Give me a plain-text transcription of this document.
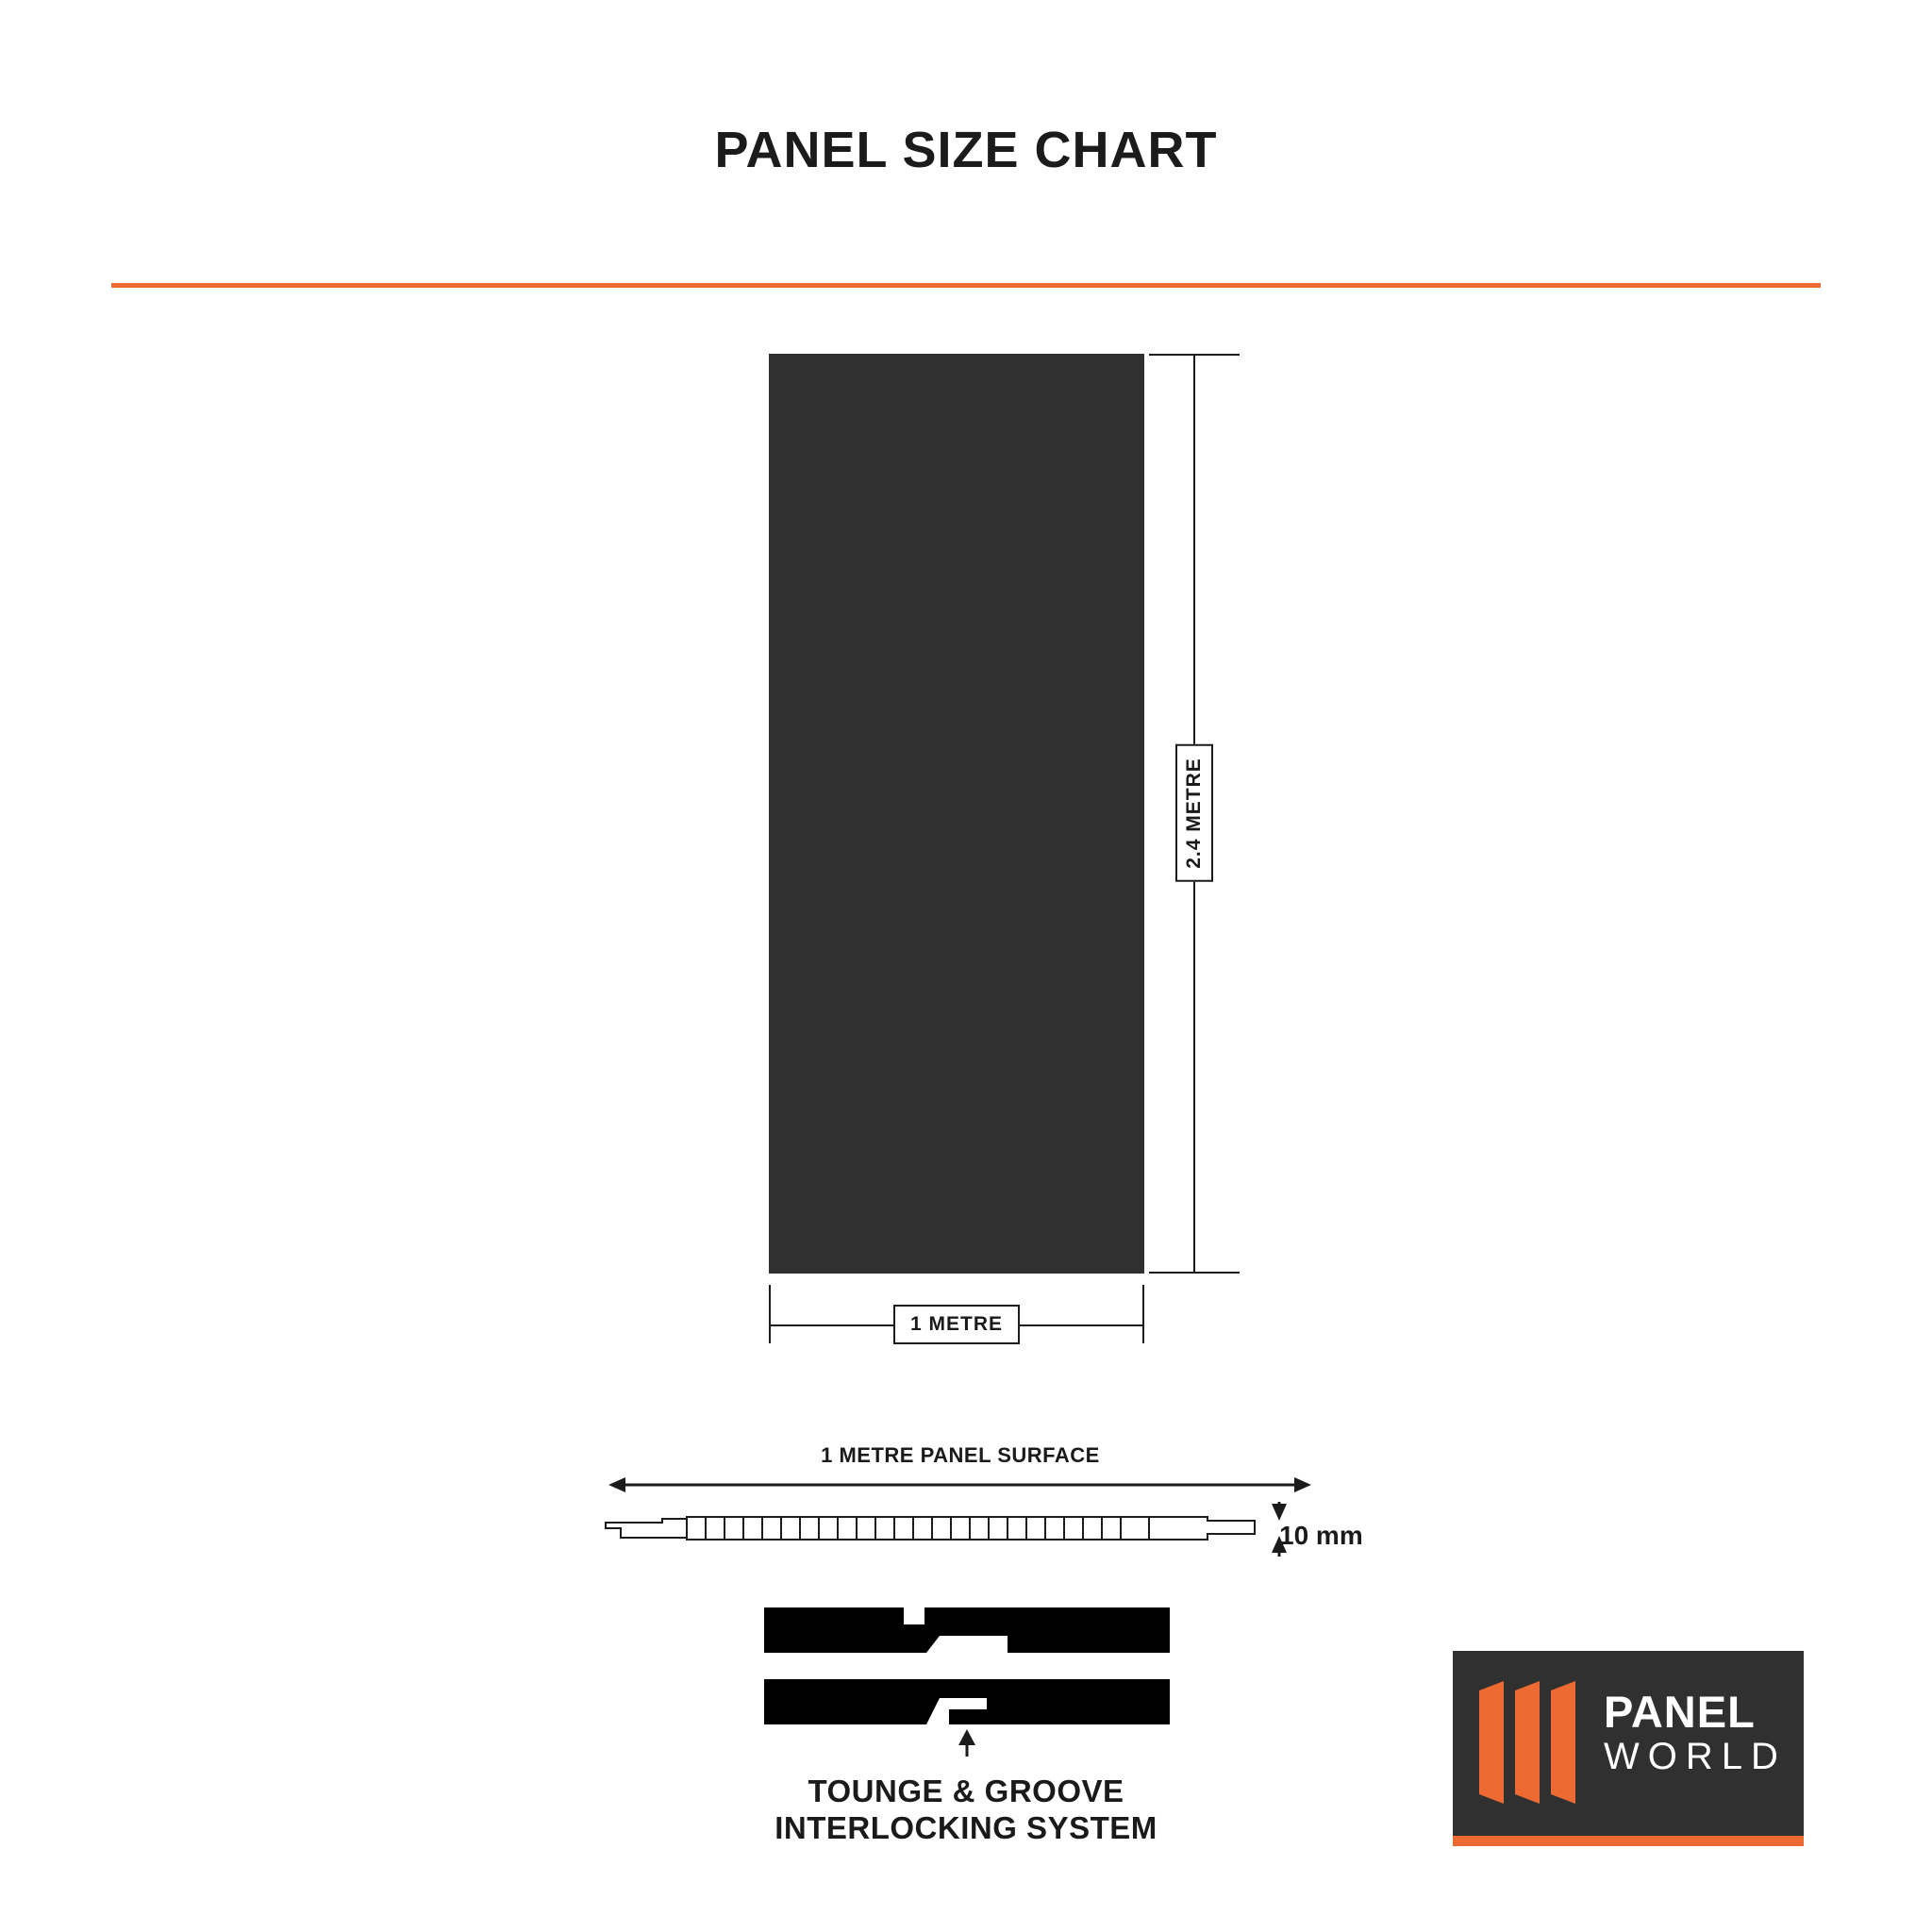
PANEL SIZE CHART
2.4 METRE
1 METRE
1 METRE PANEL SURFACE
10 mm
TOUNGE & GROOVE
INTERLOCKING SYSTEM
PANEL
WORLD
